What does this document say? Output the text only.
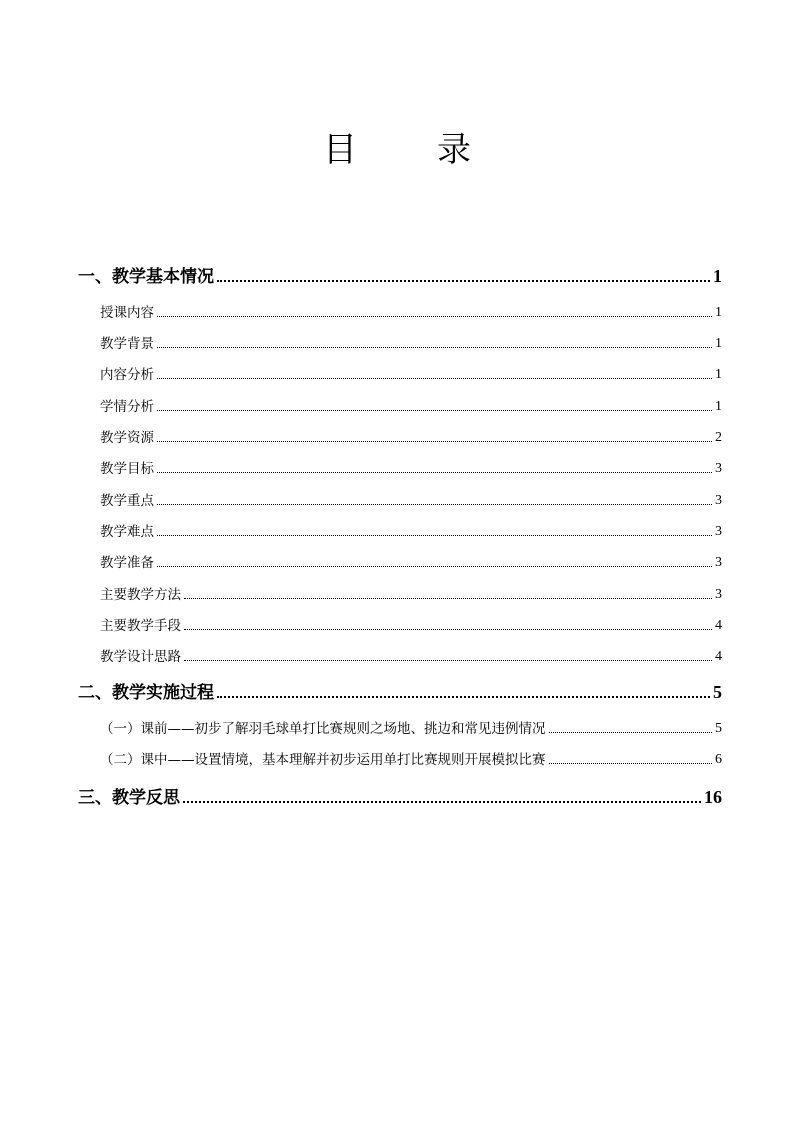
目 录
一、教学基本情况	1
授课内容	1
教学背景	1
内容分析	1
学情分析	1
教学资源	2
教学目标	3
教学重点	3
教学难点	3
教学准备	3
主要教学方法	3
主要教学手段	4
教学设计思路	4
二、教学实施过程	5
（一）课前——初步了解羽毛球单打比赛规则之场地、挑边和常见违例情况	5
（二）课中——设置情境，基本理解并初步运用单打比赛规则开展模拟比赛	6
三、教学反思	16
